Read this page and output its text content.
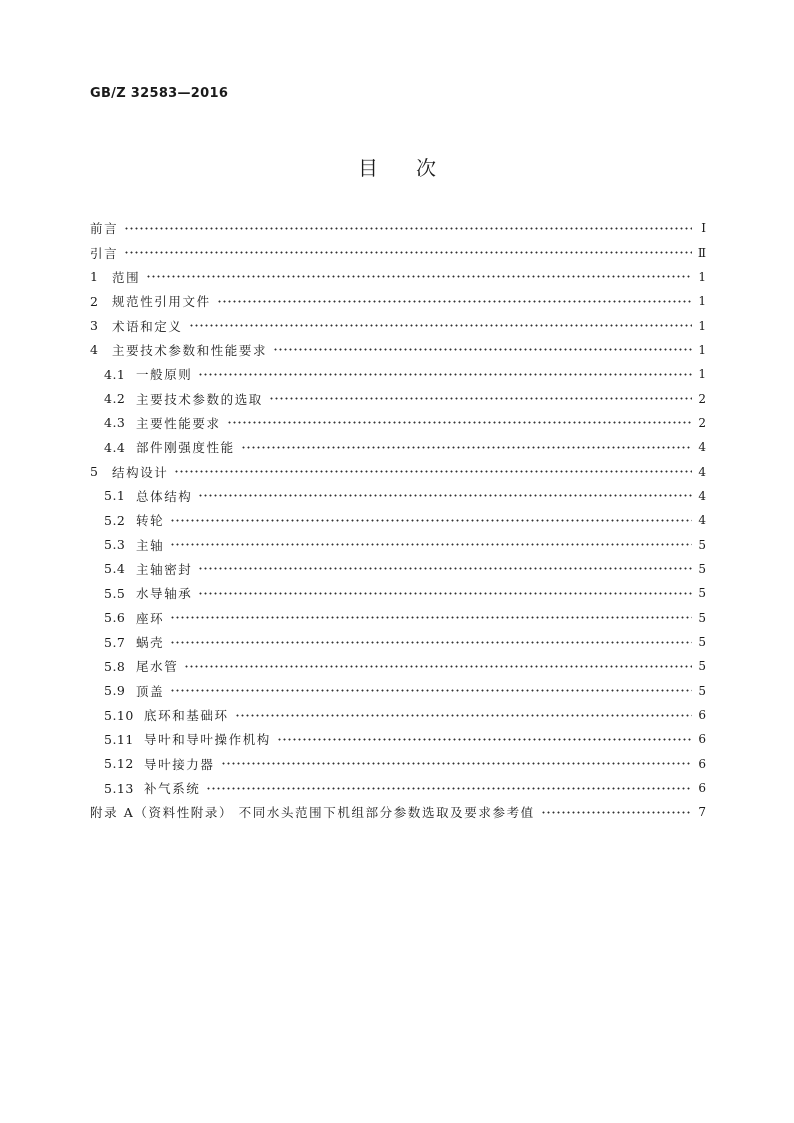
GB/Z 32583—2016
目次
前言	Ⅰ
引言	Ⅱ
1	范围	1
2	规范性引用文件	1
3	术语和定义	1
4	主要技术参数和性能要求	1
4.1 一般原则	1
4.2 主要技术参数的选取	2
4.3 主要性能要求	2
4.4 部件刚强度性能	4
5	结构设计	4
5.1 总体结构	4
5.2 转轮	4
5.3 主轴	5
5.4 主轴密封	5
5.5 水导轴承	5
5.6 座环	5
5.7 蜗壳	5
5.8 尾水管	5
5.9 顶盖	5
5.10 底环和基础环	6
5.11 导叶和导叶操作机构	6
5.12 导叶接力器	6
5.13 补气系统	6
附录 A（资料性附录） 不同水头范围下机组部分参数选取及要求参考值	7
